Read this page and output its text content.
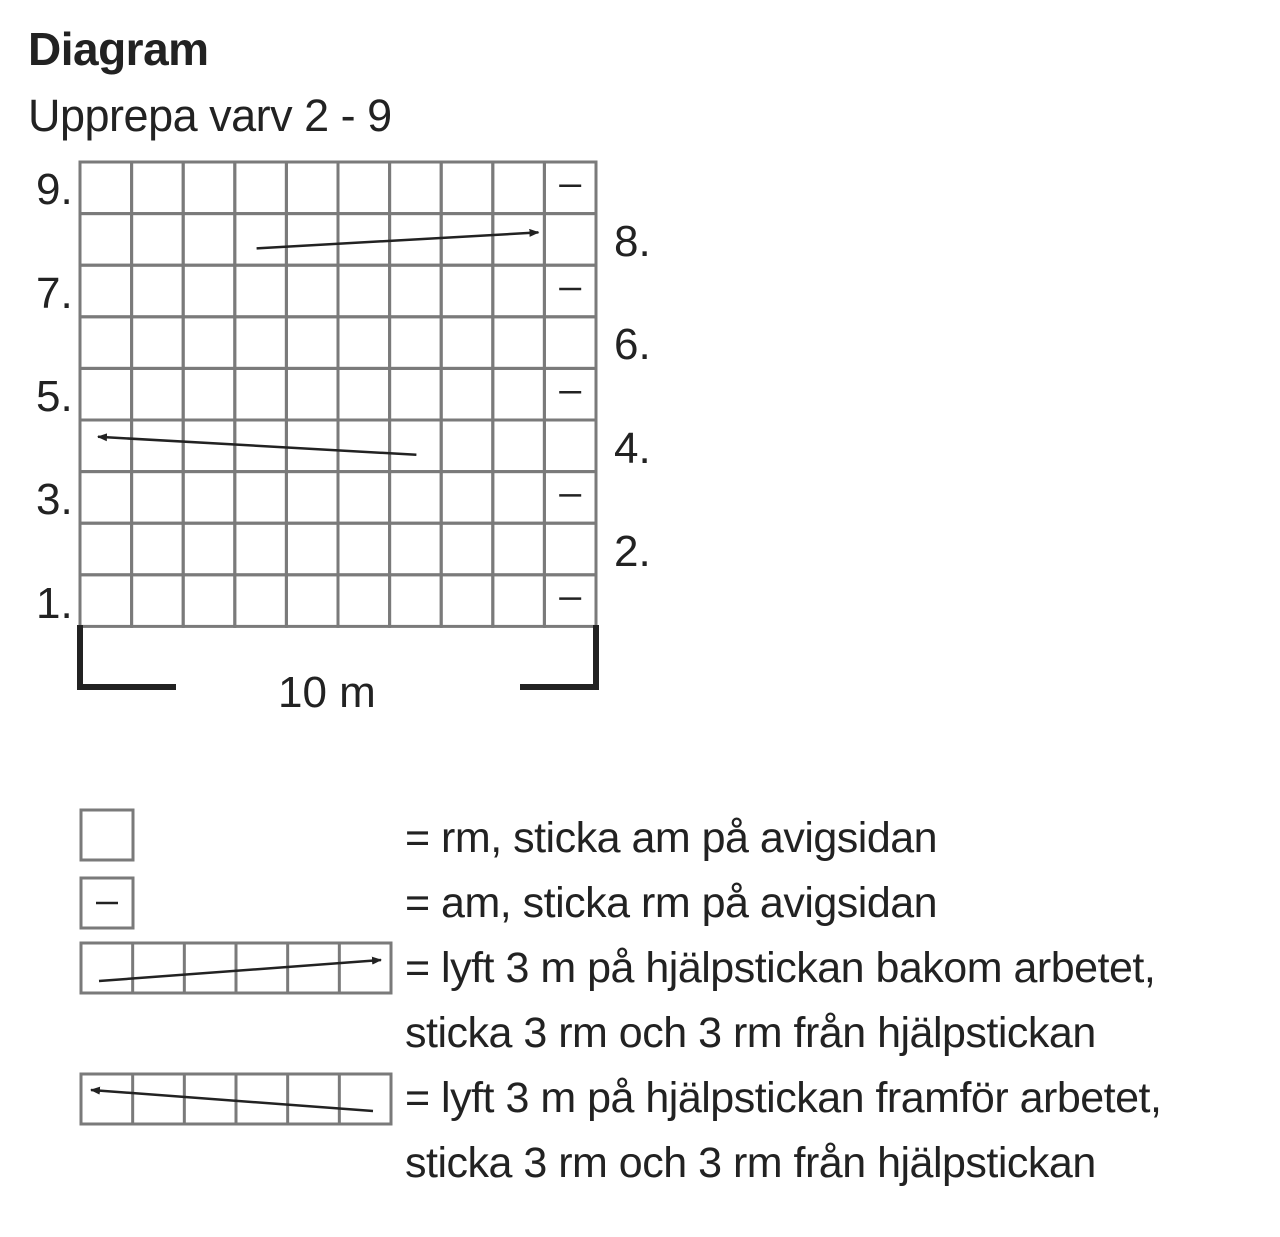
Diagram
Upprepa varv 2 - 9
9.
7.
5.
3.
1.
8.
6.
4.
2.
10 m
= rm, sticka am på avigsidan
= am, sticka rm på avigsidan
= lyft 3 m på hjälpstickan bakom arbetet,
sticka 3 rm och 3 rm från hjälpstickan
= lyft 3 m på hjälpstickan framför arbetet,
sticka 3 rm och 3 rm från hjälpstickan
